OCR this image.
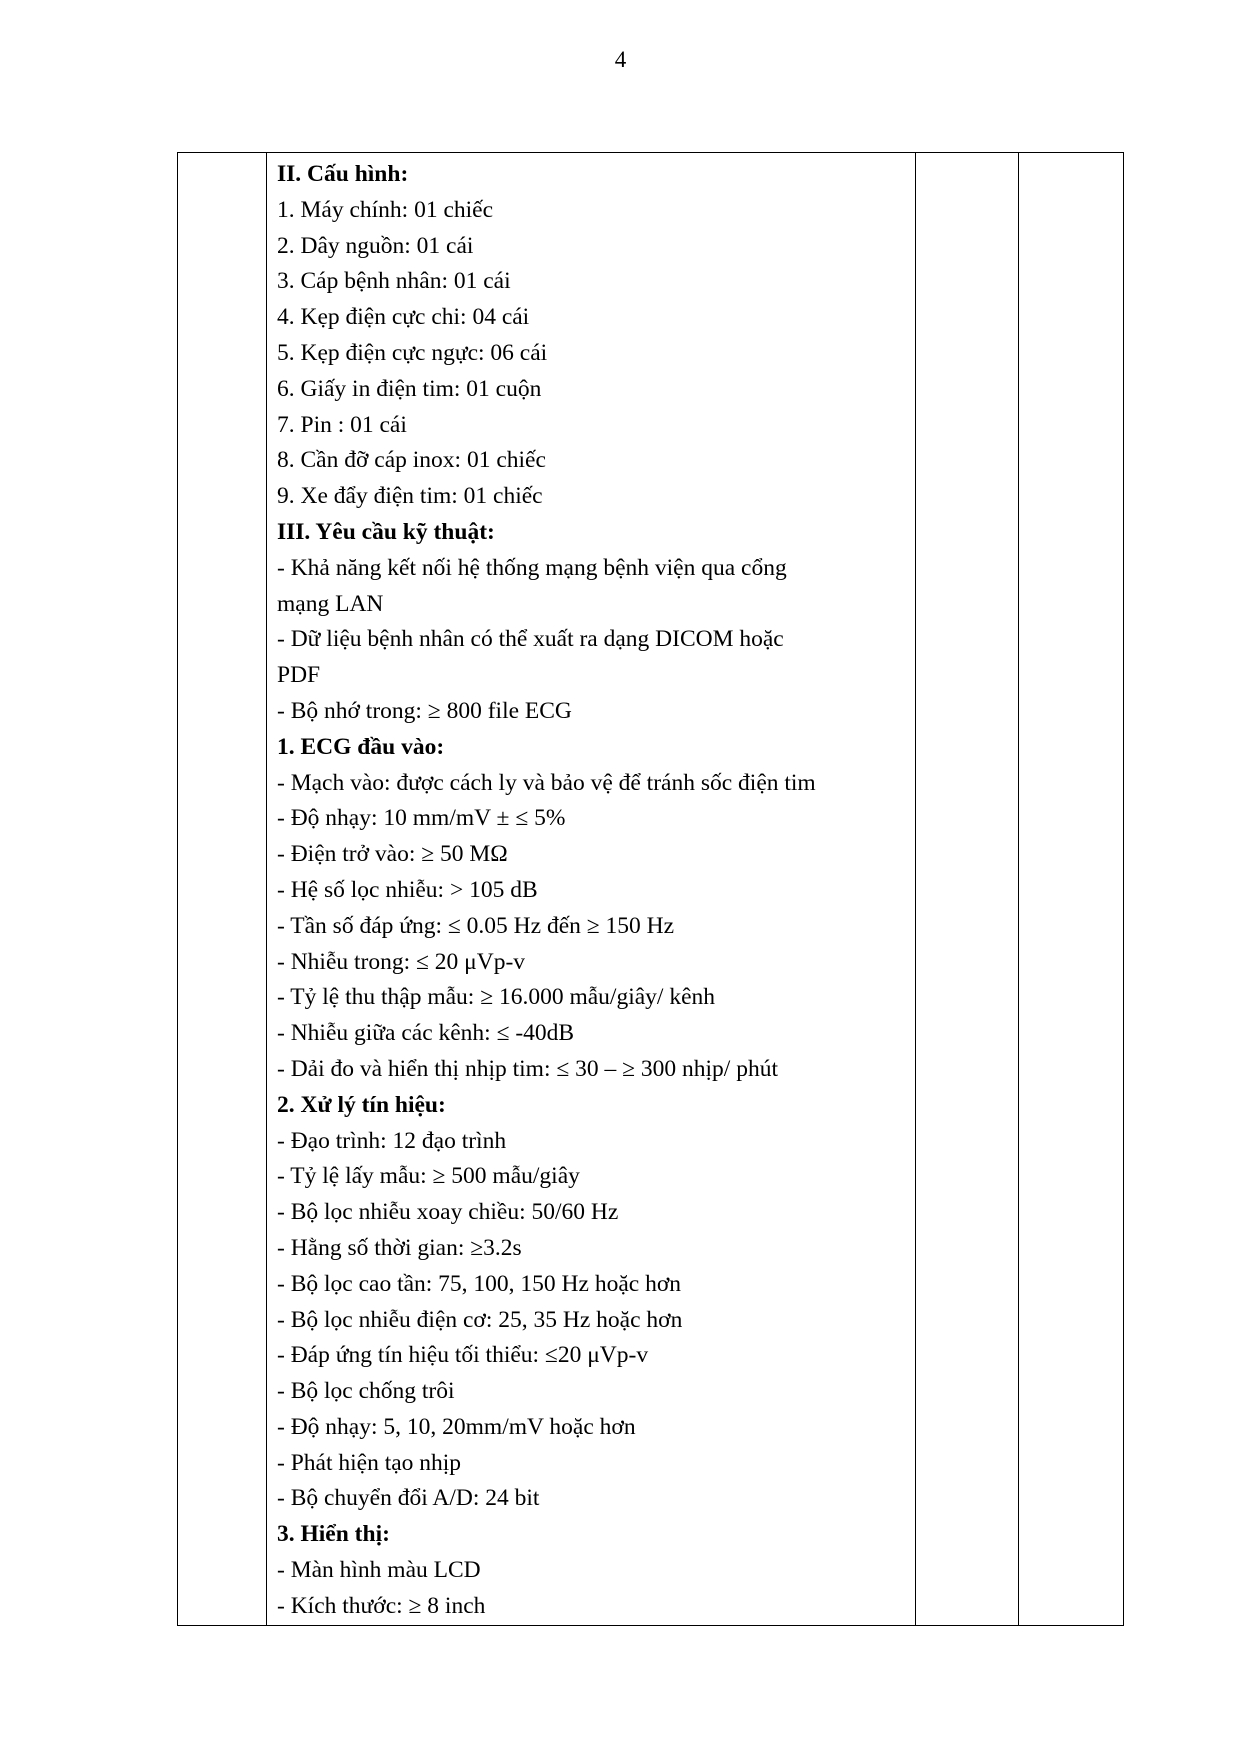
4

II. Cấu hình:

1. Máy chính: 01 chiếc

2. Dây nguồn: 01 cái

3. Cáp bệnh nhân: 01 cái

4. Kẹp điện cực chi: 04 cái

5. Kẹp điện cực ngực: 06 cái

6. Giấy in điện tim: 01 cuộn

7. Pin : 01 cái

8. Cần đỡ cáp inox: 01 chiếc

9. Xe đẩy điện tim: 01 chiếc

III. Yêu cầu kỹ thuật:

- Khả năng kết nối hệ thống mạng bệnh viện qua cổng

mạng LAN

- Dữ liệu bệnh nhân có thể xuất ra dạng DICOM hoặc

PDF

- Bộ nhớ trong: ≥ 800 file ECG

1. ECG đầu vào:

- Mạch vào: được cách ly và bảo vệ để tránh sốc điện tim

- Độ nhạy: 10 mm/mV ± ≤ 5%

- Điện trở vào: ≥ 50 MΩ

- Hệ số lọc nhiễu: > 105 dB

- Tần số đáp ứng: ≤ 0.05 Hz đến ≥ 150 Hz

- Nhiễu trong: ≤ 20 μVp-v

- Tỷ lệ thu thập mẫu: ≥ 16.000 mẫu/giây/ kênh

- Nhiễu giữa các kênh: ≤ -40dB

- Dải đo và hiển thị nhịp tim: ≤ 30 – ≥ 300 nhịp/ phút

2. Xử lý tín hiệu:

- Đạo trình: 12 đạo trình

- Tỷ lệ lấy mẫu: ≥ 500 mẫu/giây

- Bộ lọc nhiễu xoay chiều: 50/60 Hz

- Hằng số thời gian: ≥3.2s

- Bộ lọc cao tần: 75, 100, 150 Hz hoặc hơn

- Bộ lọc nhiễu điện cơ: 25, 35 Hz hoặc hơn

- Đáp ứng tín hiệu tối thiểu: ≤20 μVp-v

- Bộ lọc chống trôi

- Độ nhạy: 5, 10, 20mm/mV hoặc hơn

- Phát hiện tạo nhịp

- Bộ chuyển đổi A/D: 24 bit

3. Hiển thị:

- Màn hình màu LCD

- Kích thước: ≥ 8 inch
